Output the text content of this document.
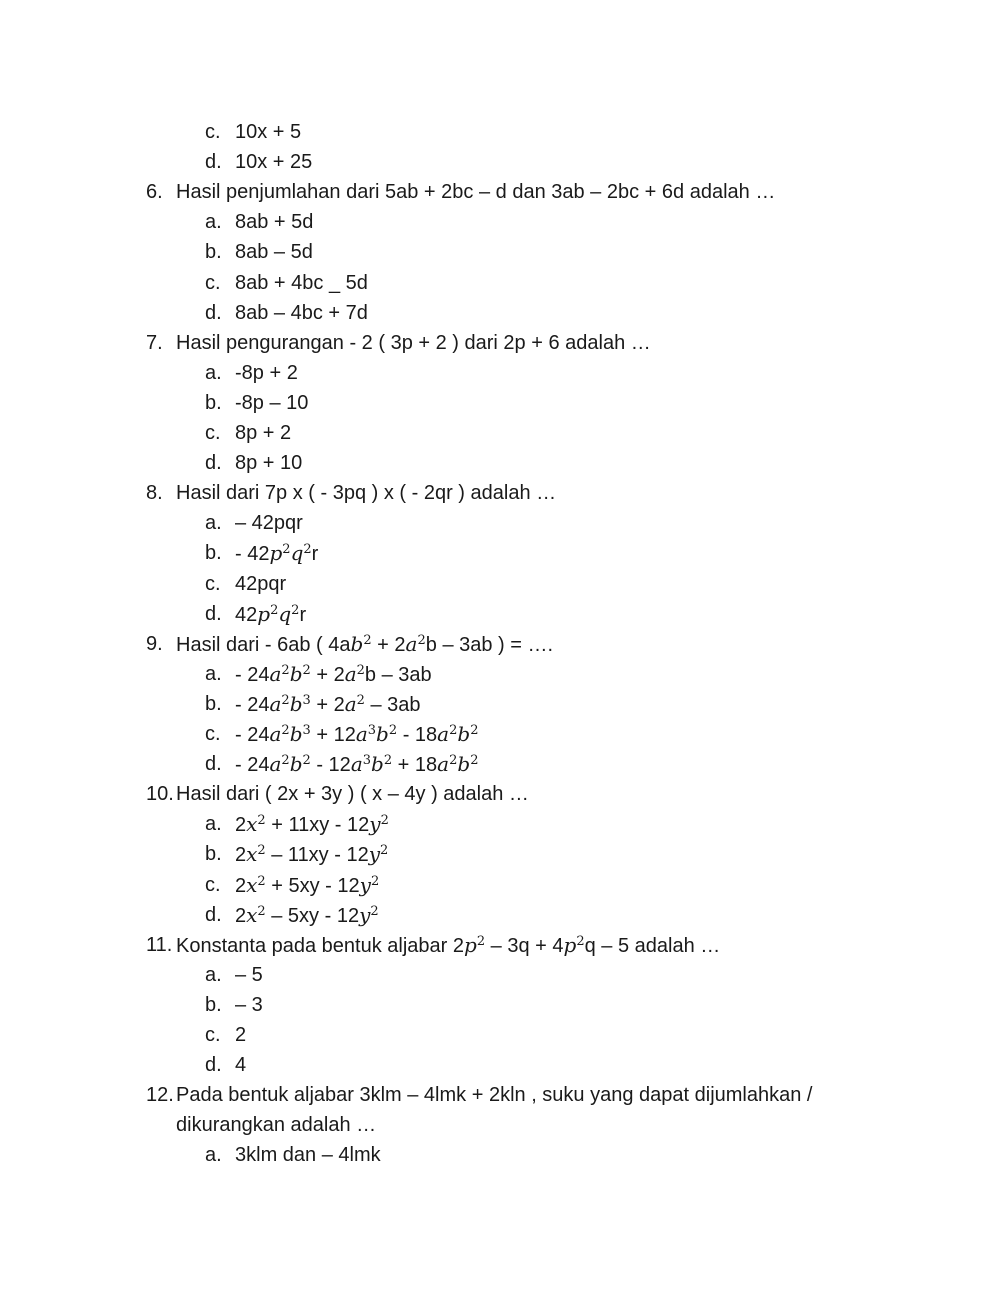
c. 10x + 5
d. 10x + 25
6. Hasil penjumlahan dari 5ab + 2bc – d dan 3ab – 2bc + 6d adalah …
a. 8ab + 5d
b. 8ab – 5d
c. 8ab + 4bc _ 5d
d. 8ab – 4bc + 7d
7. Hasil pengurangan - 2 ( 3p + 2 ) dari 2p + 6 adalah …
a. -8p + 2
b. -8p – 10
c. 8p + 2
d. 8p + 10
8. Hasil dari 7p x ( - 3pq ) x ( - 2qr ) adalah …
a. – 42pqr
b. - $42p^2q^2r$
c. 42pqr
d. $42p^2q^2r$
9. Hasil dari - 6ab ( $4ab^2 + 2a^2b - 3ab$ ) = ….
a. - $24a^2b^2 + 2a^2b - 3ab$
b. - $24a^2b^3 + 2a^2 - 3ab$
c. - $24a^2b^3 + 12a^3b^2 - 18a^2b^2$
d. - $24a^2b^2 - 12a^3b^2 + 18a^2b^2$
10. Hasil dari ( 2x + 3y ) ( x – 4y ) adalah …
a. $2x^2 + 11xy - 12y^2$
b. $2x^2 - 11xy - 12y^2$
c. $2x^2 + 5xy - 12y^2$
d. $2x^2 - 5xy - 12y^2$
11. Konstanta pada bentuk aljabar $2p^2 - 3q + 4p^2q - 5$ adalah …
a. – 5
b. – 3
c. 2
d. 4
12. Pada bentuk aljabar 3klm – 4lmk + 2kln , suku yang dapat dijumlahkan /
dikurangkan adalah …
a. 3klm dan – 4lmk
